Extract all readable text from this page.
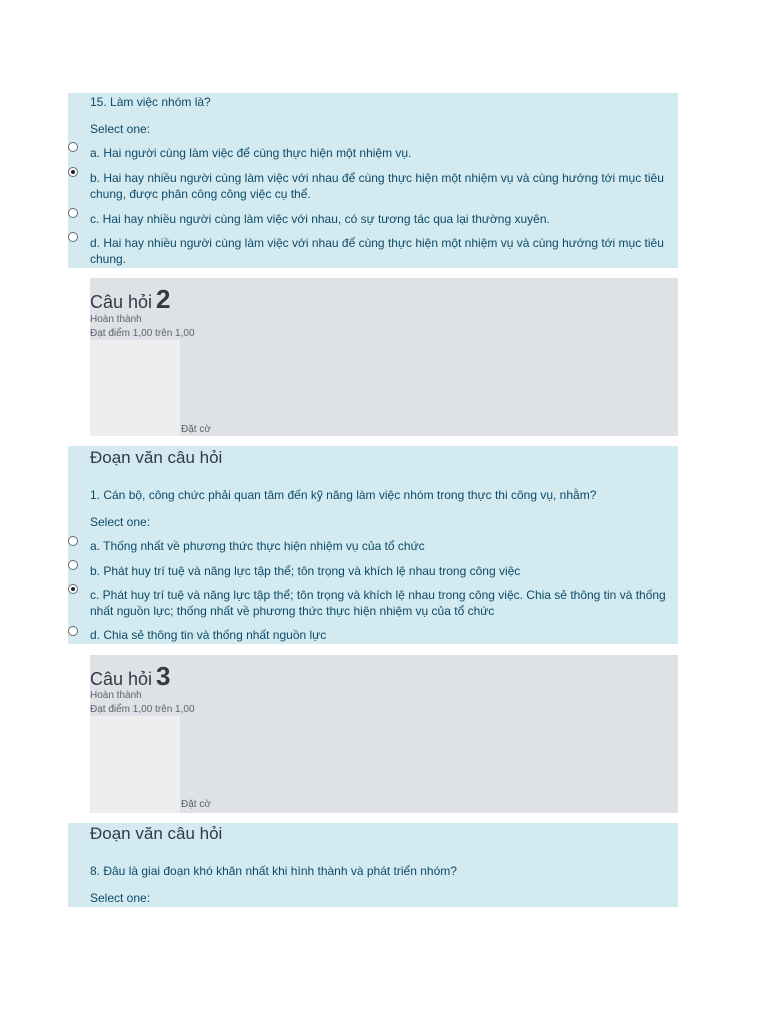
15. Làm việc nhóm là?
Select one:
a. Hai người cùng làm việc để cùng thực hiện một nhiệm vụ.
b. Hai hay nhiều người cùng làm việc với nhau để cùng thực hiện một nhiệm vụ và cùng hướng tới mục tiêu chung, được phân công công việc cụ thể.
c. Hai hay nhiều người cùng làm việc với nhau, có sự tương tác qua lại thường xuyên.
d. Hai hay nhiều người cùng làm việc với nhau để cùng thực hiện một nhiệm vụ và cùng hướng tới mục tiêu chung.
Câu hỏi 2
Hoàn thành
Đạt điểm 1,00 trên 1,00
Đặt cờ
Đoạn văn câu hỏi
1. Cán bộ, công chức phải quan tâm đến kỹ năng làm việc nhóm trong thực thi công vụ, nhằm?
Select one:
a. Thống nhất về phương thức thực hiện nhiệm vụ của tổ chức
b. Phát huy trí tuệ và năng lực tập thể; tôn trọng và khích lệ nhau trong công việc
c. Phát huy trí tuệ và năng lực tập thể; tôn trọng và khích lệ nhau trong công việc. Chia sẻ thông tin và thống nhất nguồn lực; thống nhất về phương thức thực hiện nhiệm vụ của tổ chức
d. Chia sẻ thông tin và thống nhất nguồn lực
Câu hỏi 3
Hoàn thành
Đạt điểm 1,00 trên 1,00
Đặt cờ
Đoạn văn câu hỏi
8. Đâu là giai đoạn khó khăn nhất khi hình thành và phát triển nhóm?
Select one:
